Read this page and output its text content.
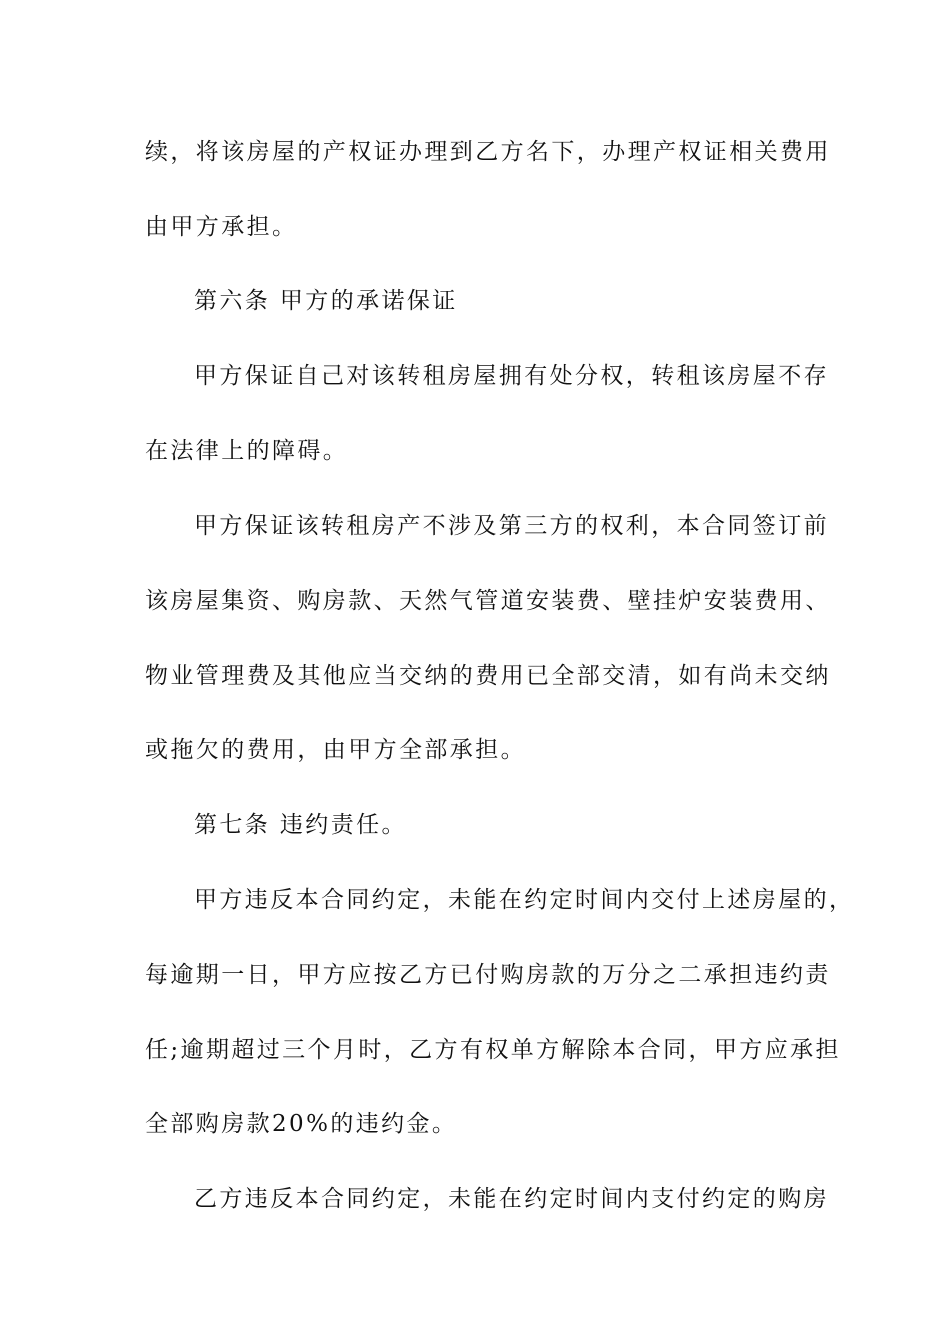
续，将该房屋的产权证办理到乙方名下，办理产权证相关费用
由甲方承担。
第六条 甲方的承诺保证
甲方保证自己对该转租房屋拥有处分权，转租该房屋不存
在法律上的障碍。
甲方保证该转租房产不涉及第三方的权利，本合同签订前
该房屋集资、购房款、天然气管道安装费、壁挂炉安装费用、
物业管理费及其他应当交纳的费用已全部交清，如有尚未交纳
或拖欠的费用，由甲方全部承担。
第七条 违约责任。
甲方违反本合同约定，未能在约定时间内交付上述房屋的，
每逾期一日，甲方应按乙方已付购房款的万分之二承担违约责
任;逾期超过三个月时，乙方有权单方解除本合同，甲方应承担
全部购房款20%的违约金。
乙方违反本合同约定，未能在约定时间内支付约定的购房
